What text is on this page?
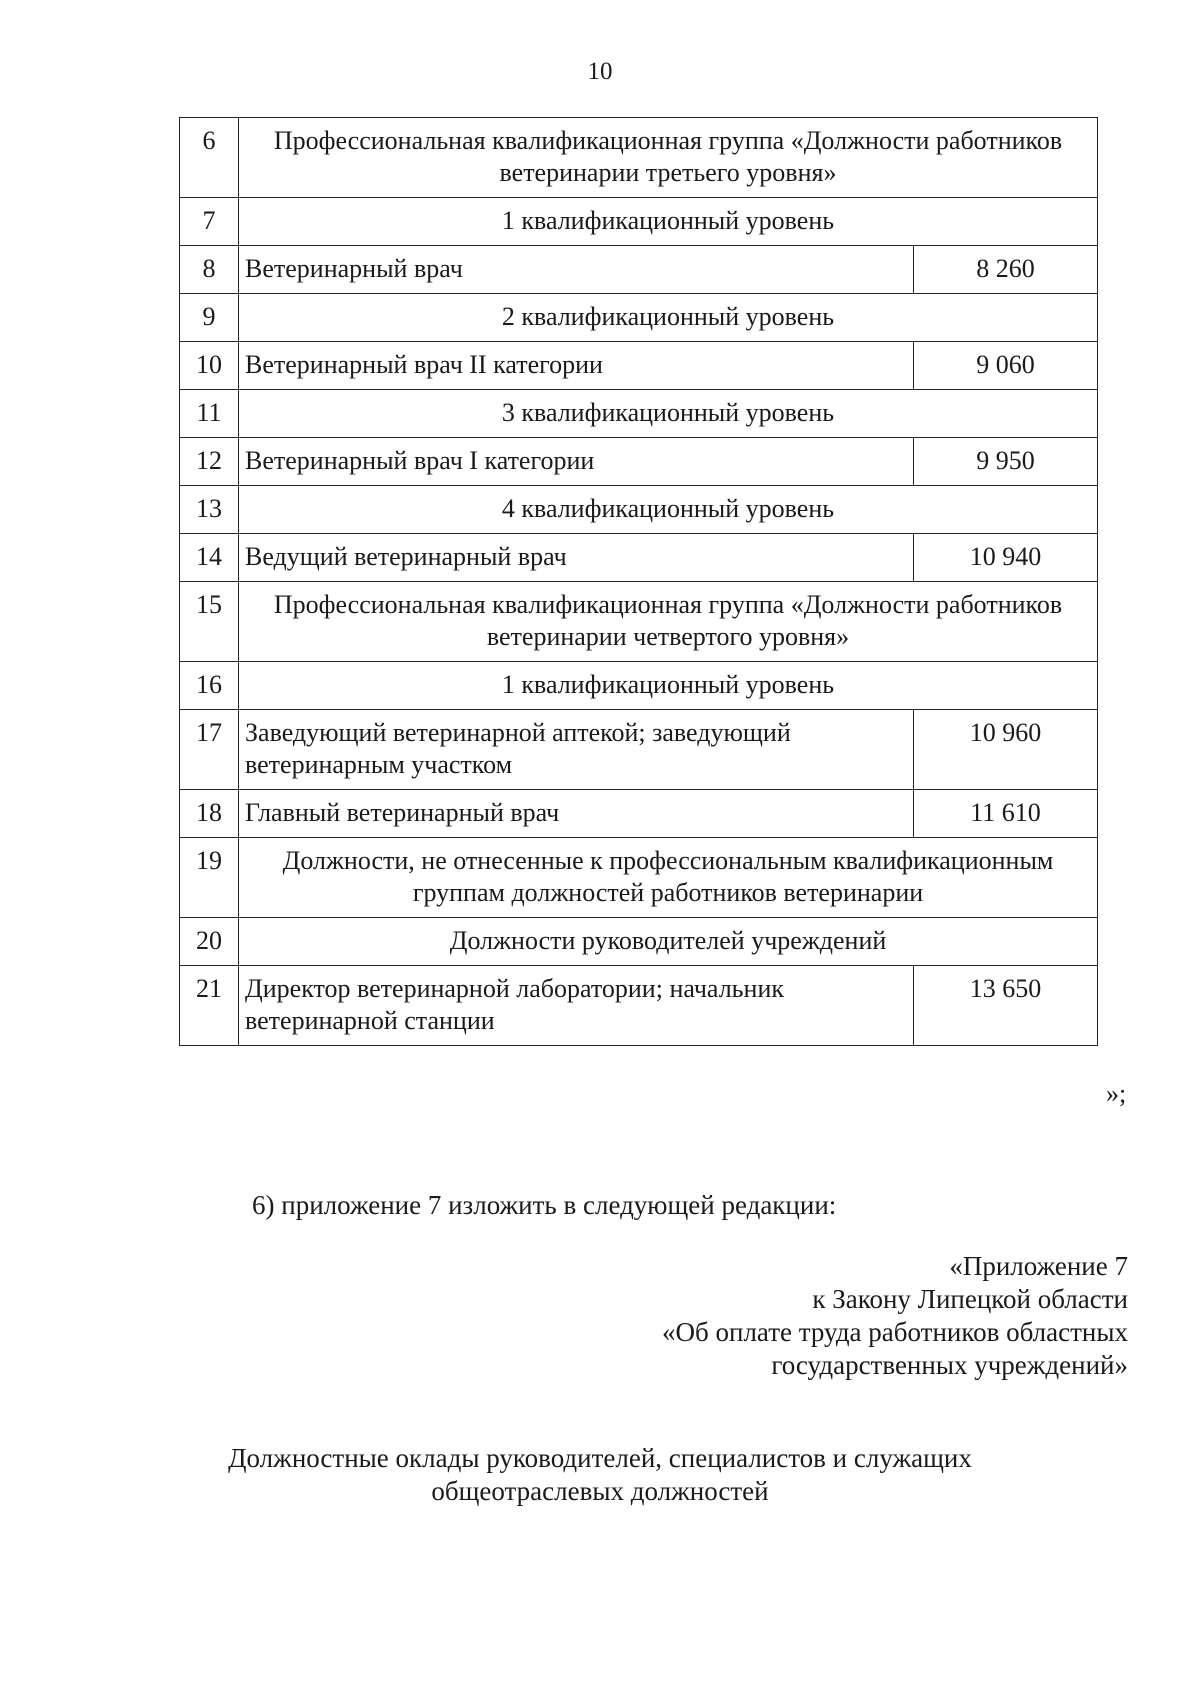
10
6	Профессиональная квалификационная группа «Должности работников ветеринарии третьего уровня»	
7	1 квалификационный уровень	
8	Ветеринарный врач	8 260
9	2 квалификационный уровень	
10	Ветеринарный врач II категории	9 060
11	3 квалификационный уровень	
12	Ветеринарный врач I категории	9 950
13	4 квалификационный уровень	
14	Ведущий ветеринарный врач	10 940
15	Профессиональная квалификационная группа «Должности работников ветеринарии четвертого уровня»	
16	1 квалификационный уровень	
17	Заведующий ветеринарной аптекой; заведующий ветеринарным участком	10 960
18	Главный ветеринарный врач	11 610
19	Должности, не отнесенные к профессиональным квалификационным группам должностей работников ветеринарии	
20	Должности руководителей учреждений	
21	Директор ветеринарной лаборатории; начальник ветеринарной станции	13 650
»;
6) приложение 7 изложить в следующей редакции:
«Приложение 7
к Закону Липецкой области
«Об оплате труда работников областных
государственных учреждений»
Должностные оклады руководителей, специалистов и служащих
общеотраслевых должностей
